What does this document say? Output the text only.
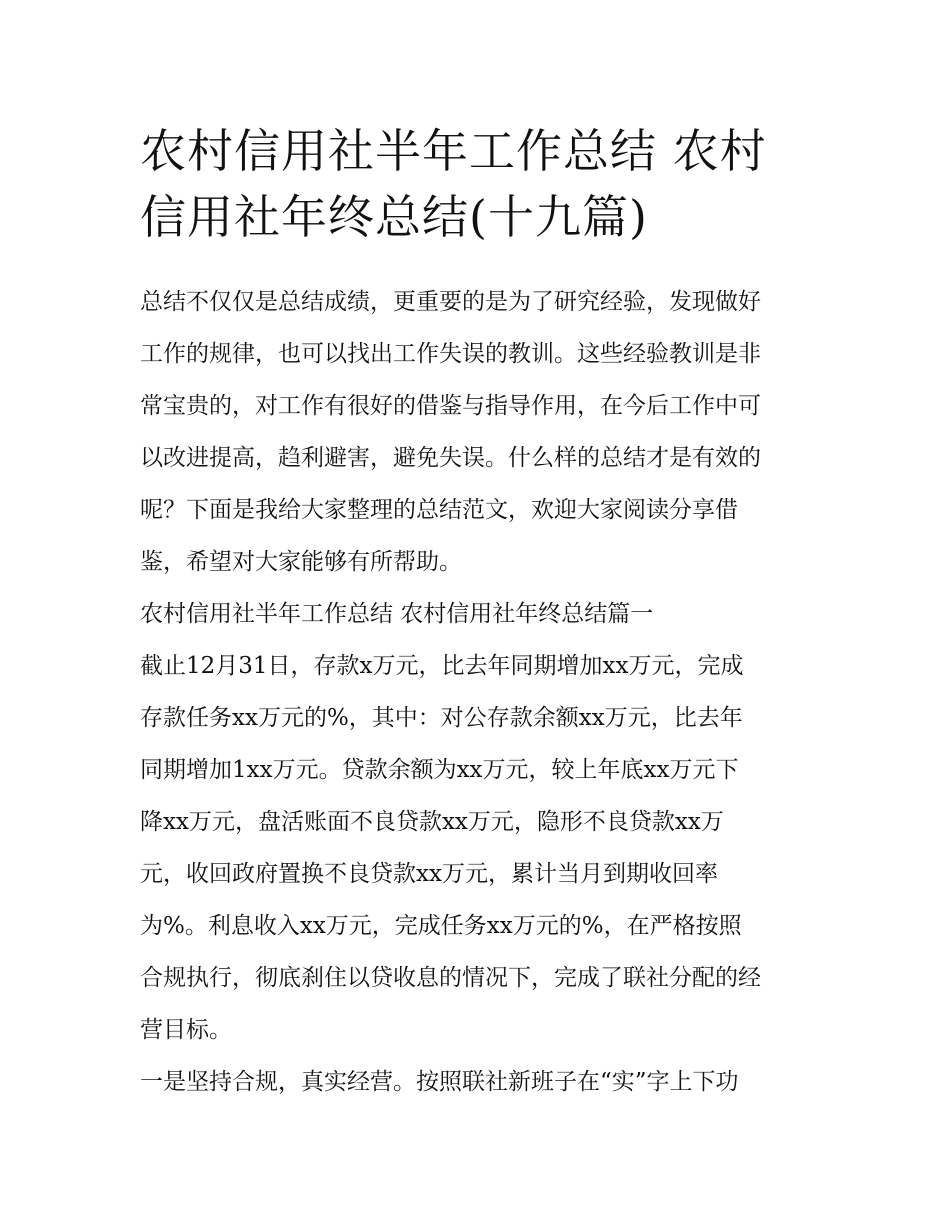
农村信用社半年工作总结 农村
信用社年终总结(十九篇)

总结不仅仅是总结成绩，更重要的是为了研究经验，发现做好
工作的规律，也可以找出工作失误的教训。这些经验教训是非
常宝贵的，对工作有很好的借鉴与指导作用，在今后工作中可
以改进提高，趋利避害，避免失误。什么样的总结才是有效的
呢？下面是我给大家整理的总结范文，欢迎大家阅读分享借
鉴，希望对大家能够有所帮助。

农村信用社半年工作总结 农村信用社年终总结篇一

截止12月31日，存款x万元，比去年同期增加xx万元，完成
存款任务xx万元的%，其中：对公存款余额xx万元，比去年
同期增加1xx万元。贷款余额为xx万元，较上年底xx万元下
降xx万元，盘活账面不良贷款xx万元，隐形不良贷款xx万
元，收回政府置换不良贷款xx万元，累计当月到期收回率
为%。利息收入xx万元，完成任务xx万元的%，在严格按照
合规执行，彻底刹住以贷收息的情况下，完成了联社分配的经
营目标。

一是坚持合规，真实经营。按照联社新班子在“实”字上下功
